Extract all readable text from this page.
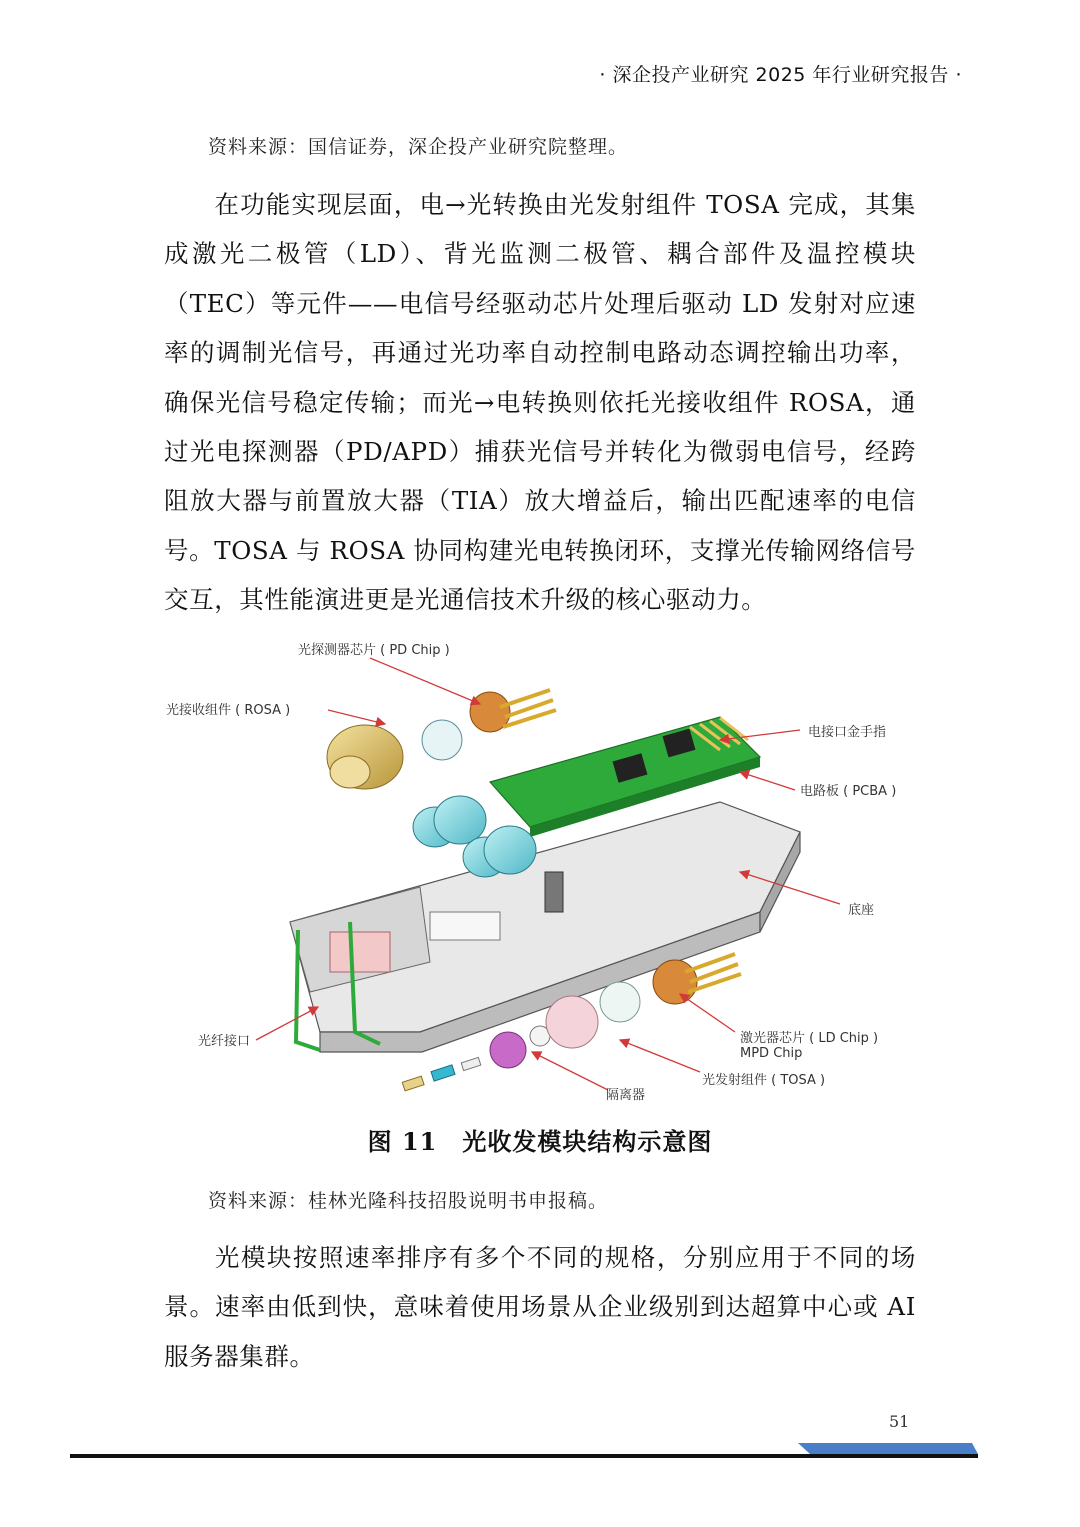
· 深企投产业研究 2025 年行业研究报告 ·
资料来源：国信证券，深企投产业研究院整理。
在功能实现层面，电→光转换由光发射组件 TOSA 完成，其集成激光二极管（LD）、背光监测二极管、耦合部件及温控模块（TEC）等元件——电信号经驱动芯片处理后驱动 LD 发射对应速率的调制光信号，再通过光功率自动控制电路动态调控输出功率，确保光信号稳定传输；而光→电转换则依托光接收组件 ROSA，通过光电探测器（PD/APD）捕获光信号并转化为微弱电信号，经跨阻放大器与前置放大器（TIA）放大增益后，输出匹配速率的电信号。TOSA 与 ROSA 协同构建光电转换闭环，支撑光传输网络信号交互，其性能演进更是光通信技术升级的核心驱动力。
光探测器芯片 ( PD Chip )
光接收组件 ( ROSA )
电接口金手指
电路板 ( PCBA )
底座
光纤接口	激光器芯片 ( LD Chip )
MPD Chip
光发射组件 ( TOSA )
隔离器
图 11　光收发模块结构示意图
资料来源：桂林光隆科技招股说明书申报稿。
光模块按照速率排序有多个不同的规格，分别应用于不同的场景。速率由低到快，意味着使用场景从企业级别到达超算中心或 AI 服务器集群。
51
